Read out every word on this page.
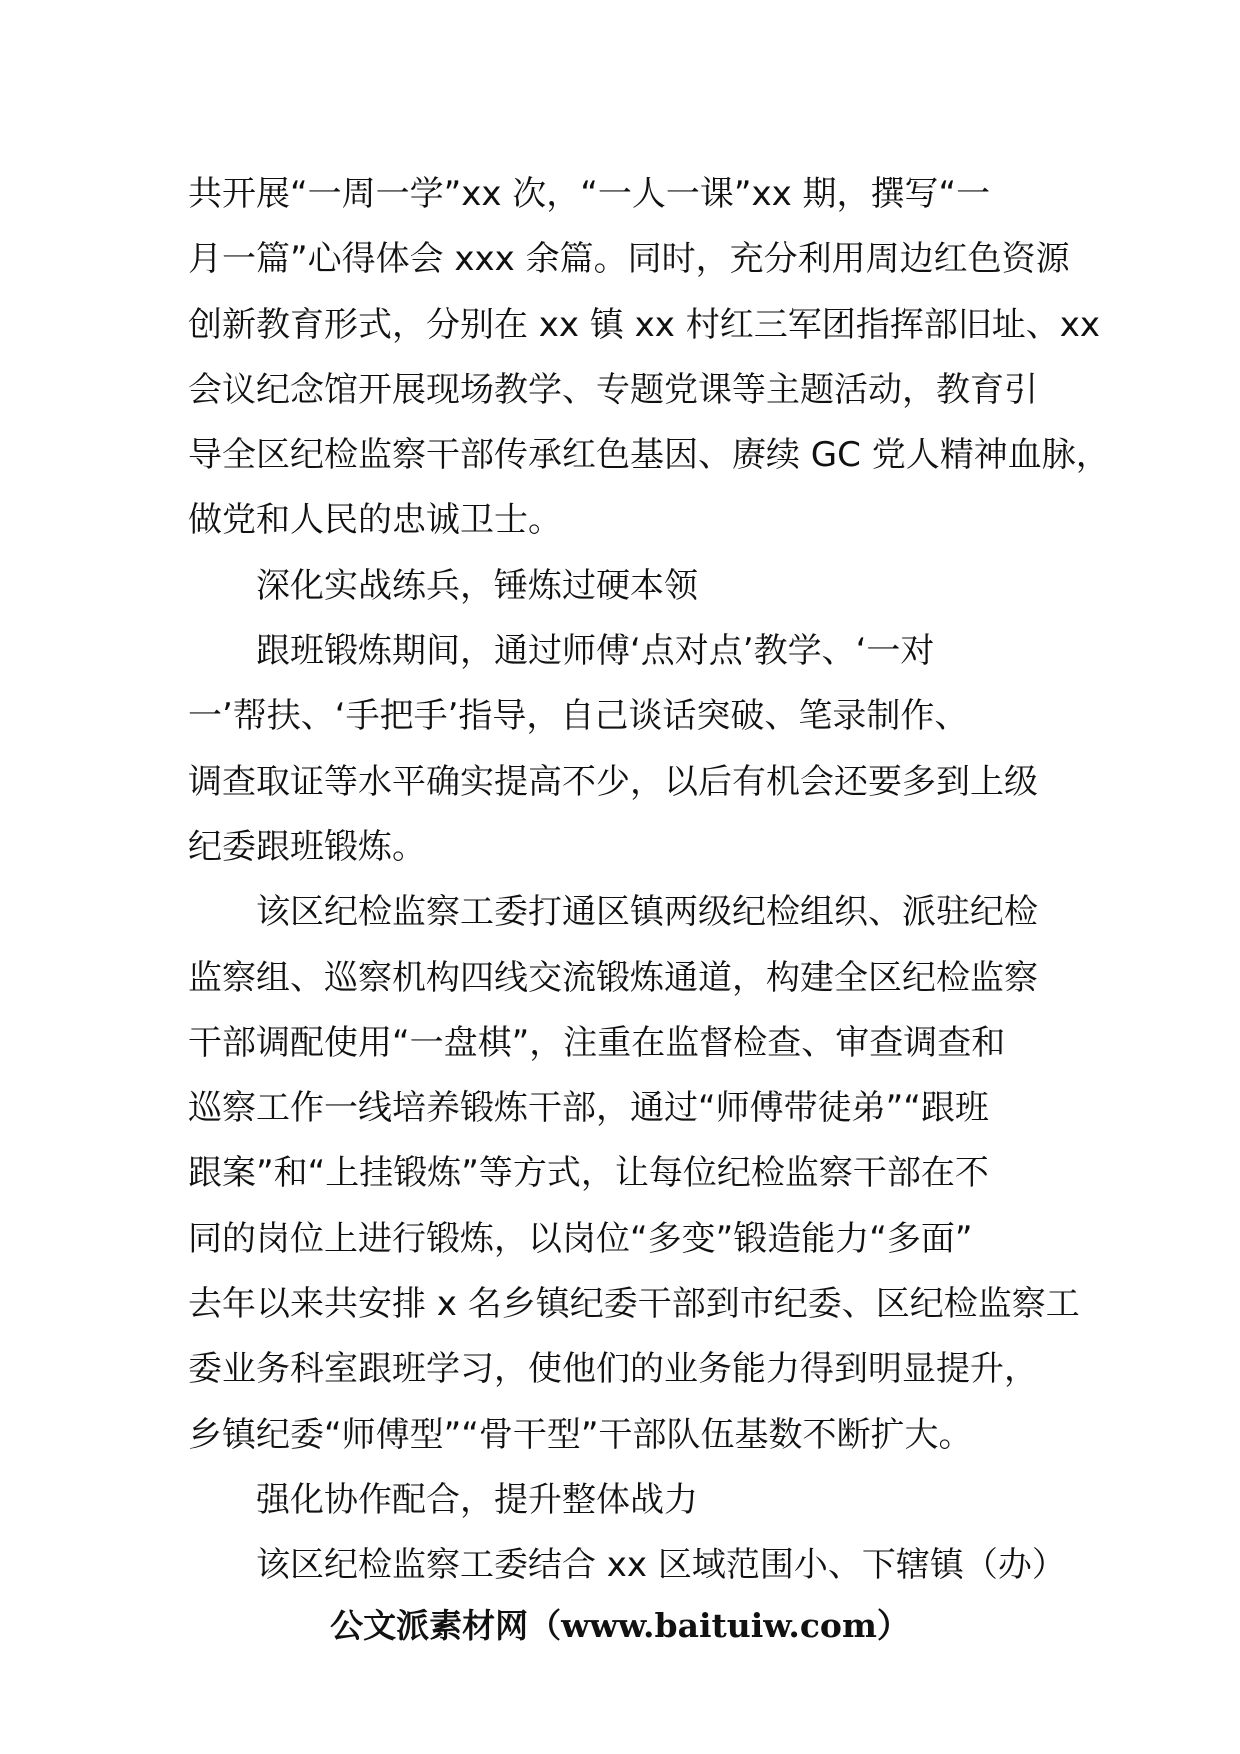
共开展“一周一学”xx 次，“一人一课”xx 期，撰写“一
月一篇”心得体会 xxx 余篇。同时，充分利用周边红色资源
创新教育形式，分别在 xx 镇 xx 村红三军团指挥部旧址、xx
会议纪念馆开展现场教学、专题党课等主题活动，教育引
导全区纪检监察干部传承红色基因、赓续 GC 党人精神血脉，
做党和人民的忠诚卫士。
　　深化实战练兵，锤炼过硬本领
　　跟班锻炼期间，通过师傅‘点对点’教学、‘一对
一’帮扶、‘手把手’指导，自己谈话突破、笔录制作、
调查取证等水平确实提高不少，以后有机会还要多到上级
纪委跟班锻炼。
　　该区纪检监察工委打通区镇两级纪检组织、派驻纪检
监察组、巡察机构四线交流锻炼通道，构建全区纪检监察
干部调配使用“一盘棋”，注重在监督检查、审查调查和
巡察工作一线培养锻炼干部，通过“师傅带徒弟”“跟班
跟案”和“上挂锻炼”等方式，让每位纪检监察干部在不
同的岗位上进行锻炼，以岗位“多变”锻造能力“多面”
去年以来共安排 x 名乡镇纪委干部到市纪委、区纪检监察工
委业务科室跟班学习，使他们的业务能力得到明显提升，
乡镇纪委“师傅型”“骨干型”干部队伍基数不断扩大。
　　强化协作配合，提升整体战力
　　该区纪检监察工委结合 xx 区域范围小、下辖镇（办）
公文派素材网（www.baituiw.com）
